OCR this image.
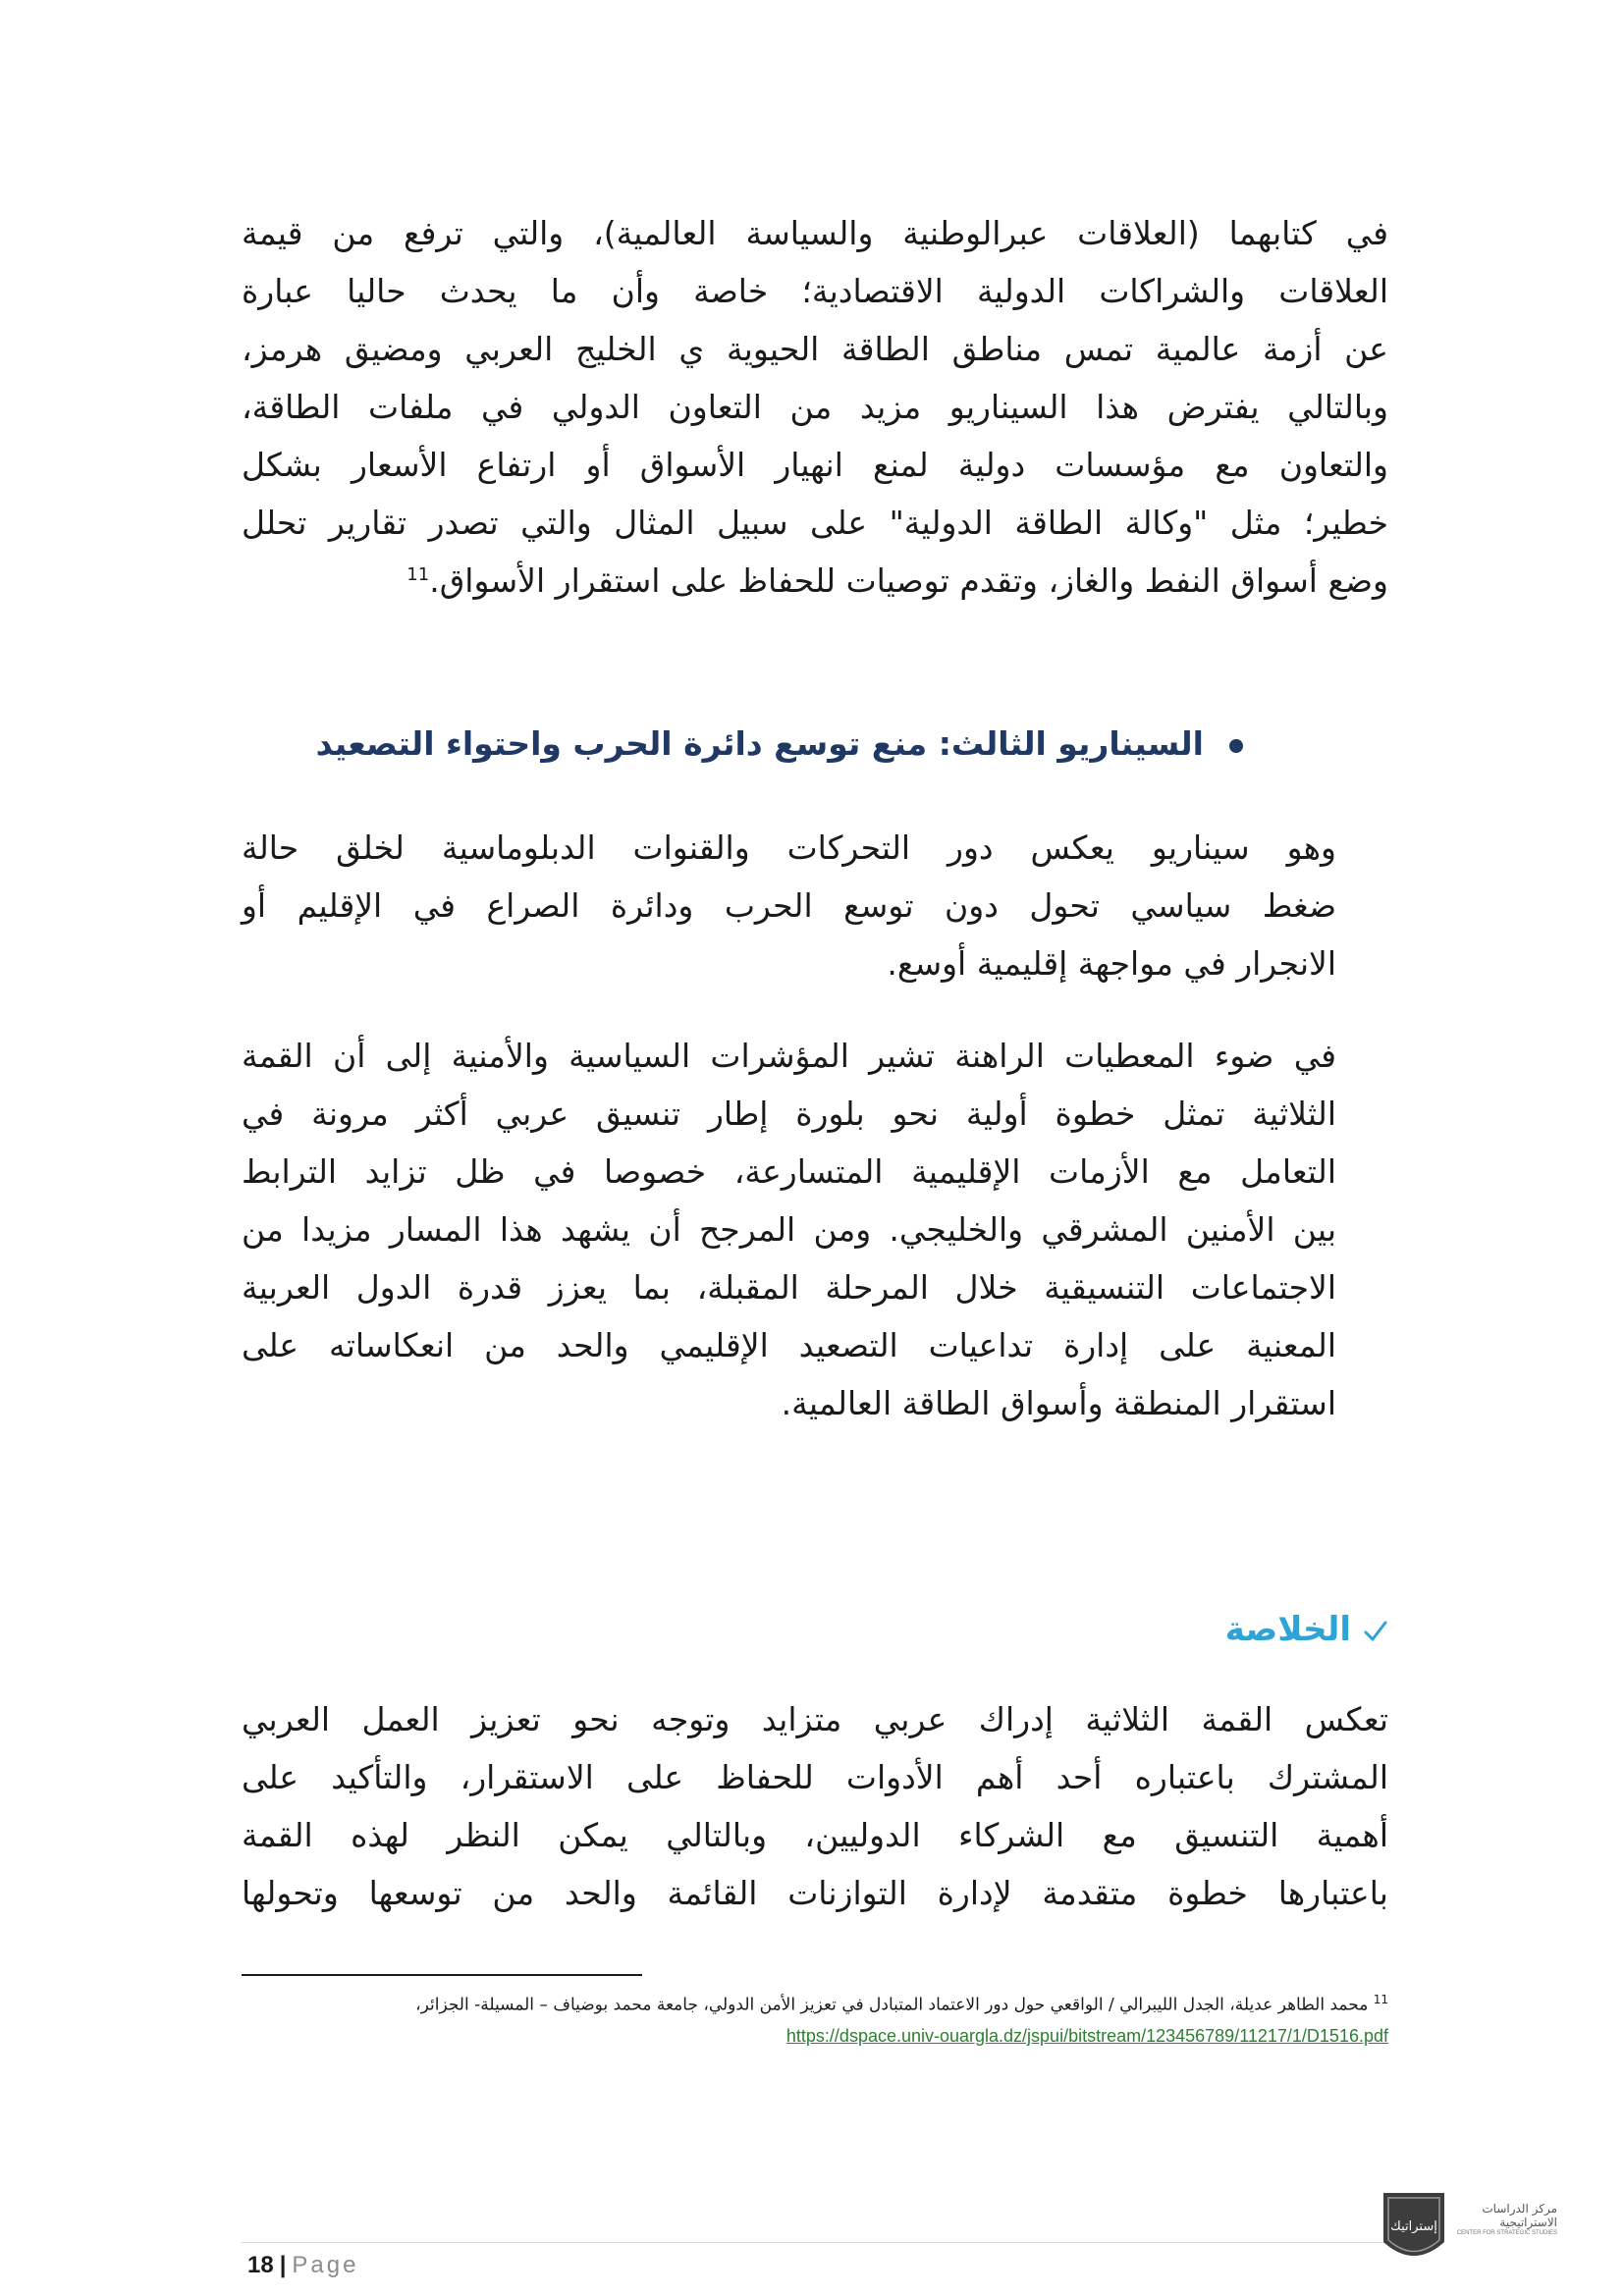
في كتابهما (العلاقات عبرالوطنية والسياسة العالمية)، والتي ترفع من قيمة
العلاقات والشراكات الدولية الاقتصادية؛ خاصة وأن ما يحدث حاليا عبارة
عن أزمة عالمية تمس مناطق الطاقة الحيوية ي الخليج العربي ومضيق هرمز،
وبالتالي يفترض هذا السيناريو مزيد من التعاون الدولي في ملفات الطاقة،
والتعاون مع مؤسسات دولية لمنع انهيار الأسواق أو ارتفاع الأسعار بشكل
خطير؛ مثل "وكالة الطاقة الدولية" على سبيل المثال والتي تصدر تقارير تحلل
وضع أسواق النفط والغاز، وتقدم توصيات للحفاظ على استقرار الأسواق.$^{11}$
السيناريو الثالث: منع توسع دائرة الحرب واحتواء التصعيد
وهو سيناريو يعكس دور التحركات والقنوات الدبلوماسية لخلق حالة
ضغط سياسي تحول دون توسع الحرب ودائرة الصراع في الإقليم أو
الانجرار في مواجهة إقليمية أوسع.
في ضوء المعطيات الراهنة تشير المؤشرات السياسية والأمنية إلى أن القمة
الثلاثية تمثل خطوة أولية نحو بلورة إطار تنسيق عربي أكثر مرونة في
التعامل مع الأزمات الإقليمية المتسارعة، خصوصا في ظل تزايد الترابط
بين الأمنين المشرقي والخليجي. ومن المرجح أن يشهد هذا المسار مزيدا من
الاجتماعات التنسيقية خلال المرحلة المقبلة، بما يعزز قدرة الدول العربية
المعنية على إدارة تداعيات التصعيد الإقليمي والحد من انعكاساته على
استقرار المنطقة وأسواق الطاقة العالمية.
الخلاصة
تعكس القمة الثلاثية إدراك عربي متزايد وتوجه نحو تعزيز العمل العربي
المشترك باعتباره أحد أهم الأدوات للحفاظ على الاستقرار، والتأكيد على
أهمية التنسيق مع الشركاء الدوليين، وبالتالي يمكن النظر لهذه القمة
باعتبارها خطوة متقدمة لإدارة التوازنات القائمة والحد من توسعها وتحولها
$^{11}$ محمد الطاهر عديلة، الجدل الليبرالي / الواقعي حول دور الاعتماد المتبادل في تعزيز الأمن الدولي، جامعة محمد بوضياف – المسيلة- الجزائر،
https://dspace.univ-ouargla.dz/jspui/bitstream/123456789/11217/1/D1516.pdf
18 | Page
إستراتيك
مركز الدراسات
الاستراتيجية
CENTER FOR STRATEGIC STUDIES
